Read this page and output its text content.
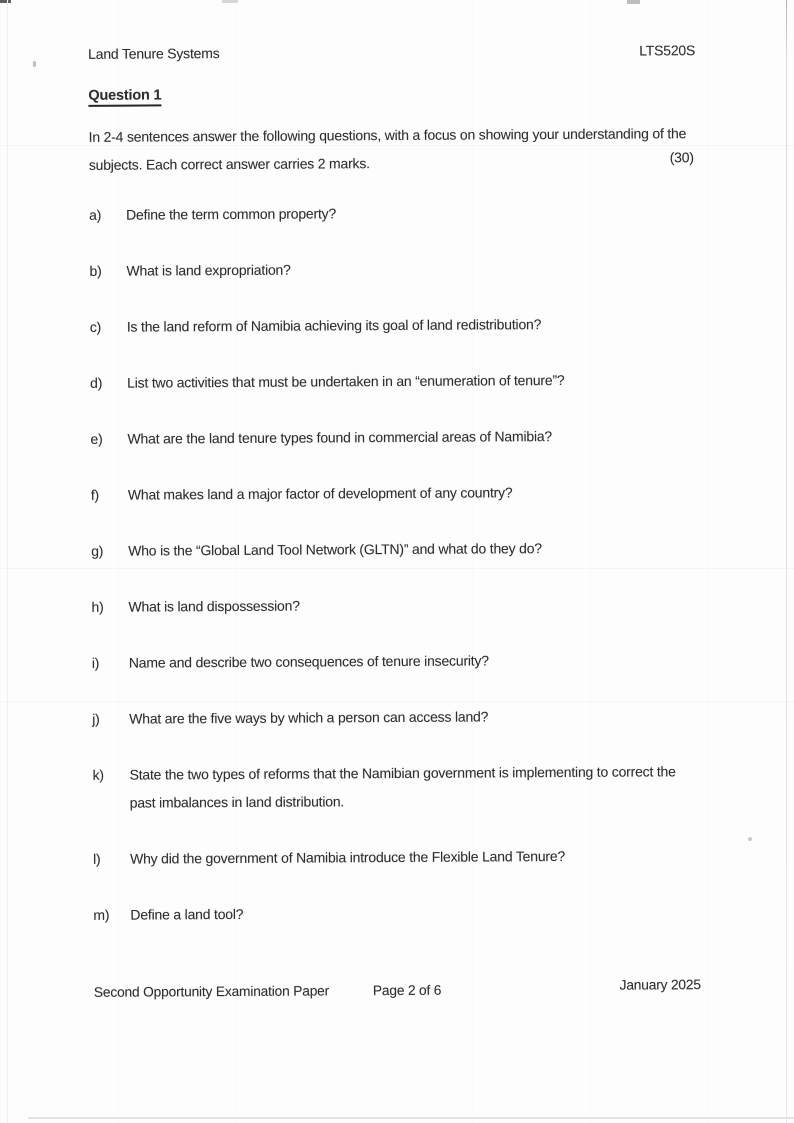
Land Tenure Systems	LTS520S
Question 1

In 2-4 sentences answer the following questions, with a focus on showing your understanding of the subjects. Each correct answer carries 2 marks.	(30)
a)	Define the term common property?
b)	What is land expropriation?
c)	Is the land reform of Namibia achieving its goal of land redistribution?
d)	List two activities that must be undertaken in an “enumeration of tenure”?
e)	What are the land tenure types found in commercial areas of Namibia?
f)	What makes land a major factor of development of any country?
g)	Who is the “Global Land Tool Network (GLTN)” and what do they do?
h)	What is land dispossession?
i)	Name and describe two consequences of tenure insecurity?
j)	What are the five ways by which a person can access land?
k)	State the two types of reforms that the Namibian government is implementing to correct the past imbalances in land distribution.
l)	Why did the government of Namibia introduce the Flexible Land Tenure?
m)	Define a land tool?
Second Opportunity Examination Paper	Page 2 of 6	January 2025
